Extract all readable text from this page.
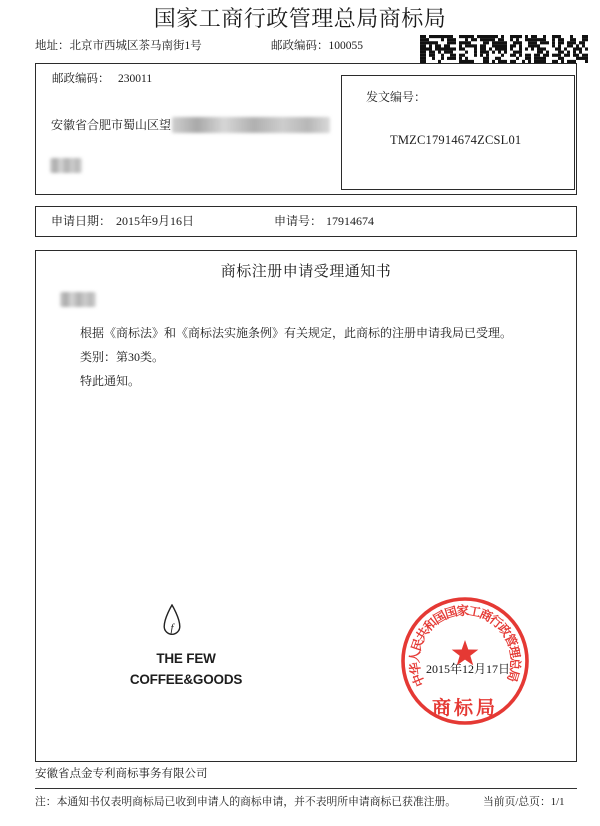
国家工商行政管理总局商标局
地址：北京市西城区茶马南街1号	邮政编码：100055
邮政编码： 230011
安徽省合肥市蜀山区望
发文编号：
TMZC17914674ZCSL01
申请日期： 2015年9月16日	申请号： 17914674
商标注册申请受理通知书
根据《商标法》和《商标法实施条例》有关规定，此商标的注册申请我局已受理。
类别：第30类。
特此通知。
f
THE FEW
COFFEE&GOODS	中华人民共和国国家工商行政管理总局
商标局
2015年12月17日
安徽省点金专利商标事务有限公司
注：本通知书仅表明商标局已收到申请人的商标申请，并不表明所申请商标已获准注册。 当前页/总页：1/1
